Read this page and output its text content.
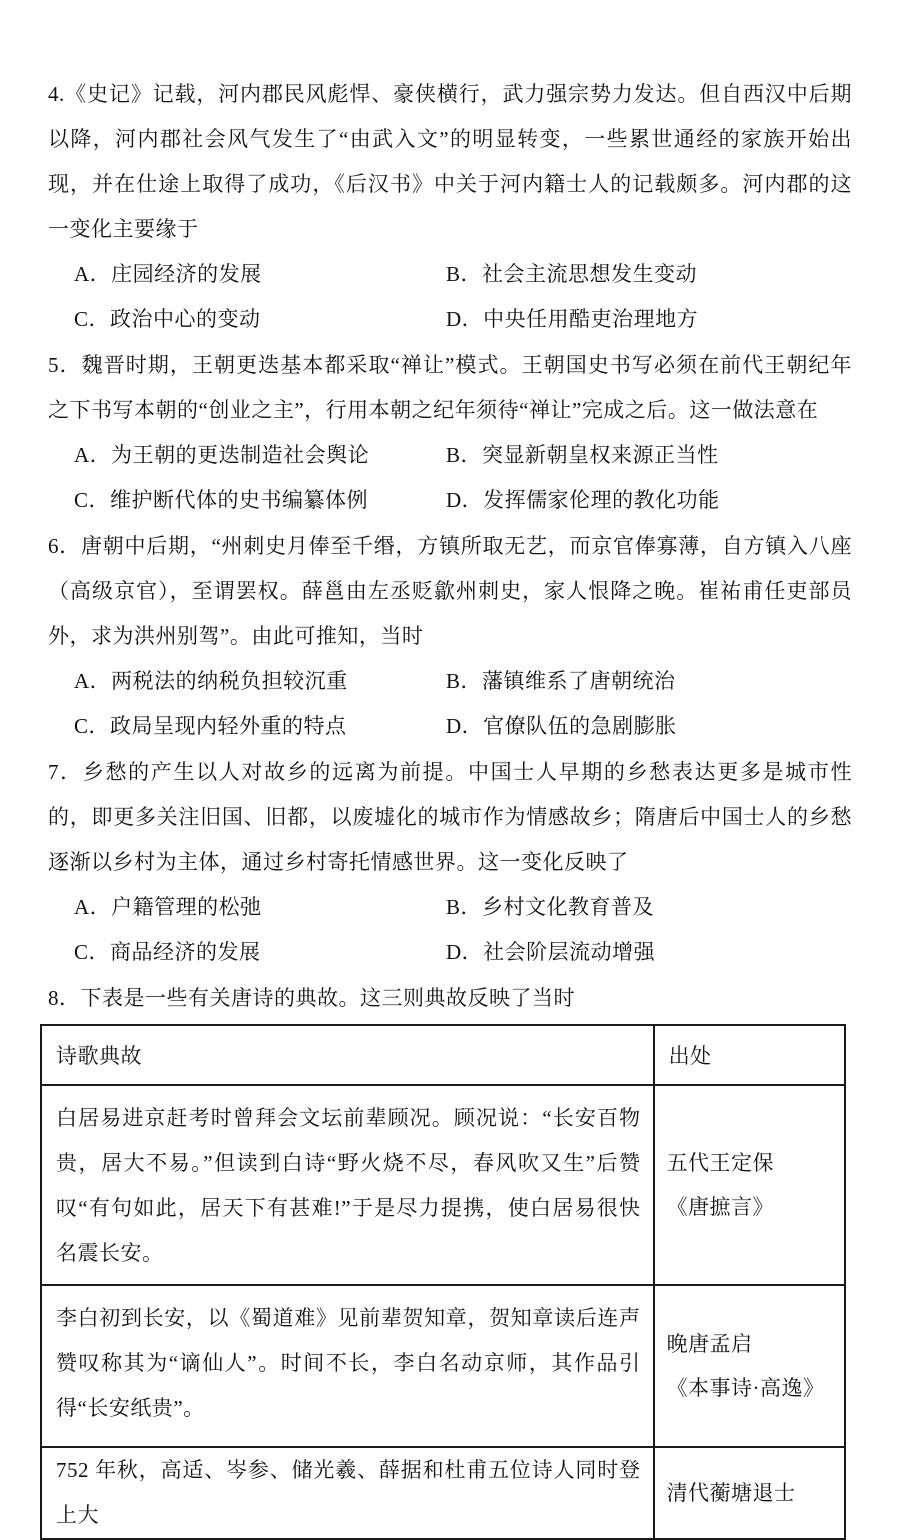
4.《史记》记载，河内郡民风彪悍、豪侠横行，武力强宗势力发达。但自西汉中后期以降，河内郡社会风气发生了“由武入文”的明显转变，一些累世通经的家族开始出现，并在仕途上取得了成功，《后汉书》中关于河内籍士人的记载颇多。河内郡的这一变化主要缘于

A．庄园经济的发展	B．社会主流思想发生变动
C．政治中心的变动	D．中央任用酷吏治理地方

5．魏晋时期，王朝更迭基本都采取“禅让”模式。王朝国史书写必须在前代王朝纪年之下书写本朝的“创业之主”，行用本朝之纪年须待“禅让”完成之后。这一做法意在

A．为王朝的更迭制造社会舆论	B．突显新朝皇权来源正当性
C．维护断代体的史书编纂体例	D．发挥儒家伦理的教化功能

6．唐朝中后期，“州刺史月俸至千缗，方镇所取无艺，而京官俸寡薄，自方镇入八座（高级京官），至谓罢权。薛邕由左丞贬歙州刺史，家人恨降之晚。崔祐甫任吏部员外，求为洪州别驾”。由此可推知，当时

A．两税法的纳税负担较沉重	B．藩镇维系了唐朝统治
C．政局呈现内轻外重的特点	D．官僚队伍的急剧膨胀

7．乡愁的产生以人对故乡的远离为前提。中国士人早期的乡愁表达更多是城市性的，即更多关注旧国、旧都，以废墟化的城市作为情感故乡；隋唐后中国士人的乡愁逐渐以乡村为主体，通过乡村寄托情感世界。这一变化反映了

A．户籍管理的松弛	B．乡村文化教育普及
C．商品经济的发展	D．社会阶层流动增强

8．下表是一些有关唐诗的典故。这三则典故反映了当时

诗歌典故	出处
白居易进京赶考时曾拜会文坛前辈顾况。顾况说：“长安百物贵，居大不易。”但读到白诗“野火烧不尽，春风吹又生”后赞叹“有句如此，居天下有甚难!”于是尽力提携，使白居易很快名震长安。	五代王定保
《唐摭言》

李白初到长安，以《蜀道难》见前辈贺知章，贺知章读后连声赞叹称其为“谪仙人”。时间不长，李白名动京师，其作品引得“长安纸贵”。	晚唐孟启
《本事诗·高逸》

752 年秋，高适、岑参、储光羲、薛据和杜甫五位诗人同时登上大	清代蘅塘退士
